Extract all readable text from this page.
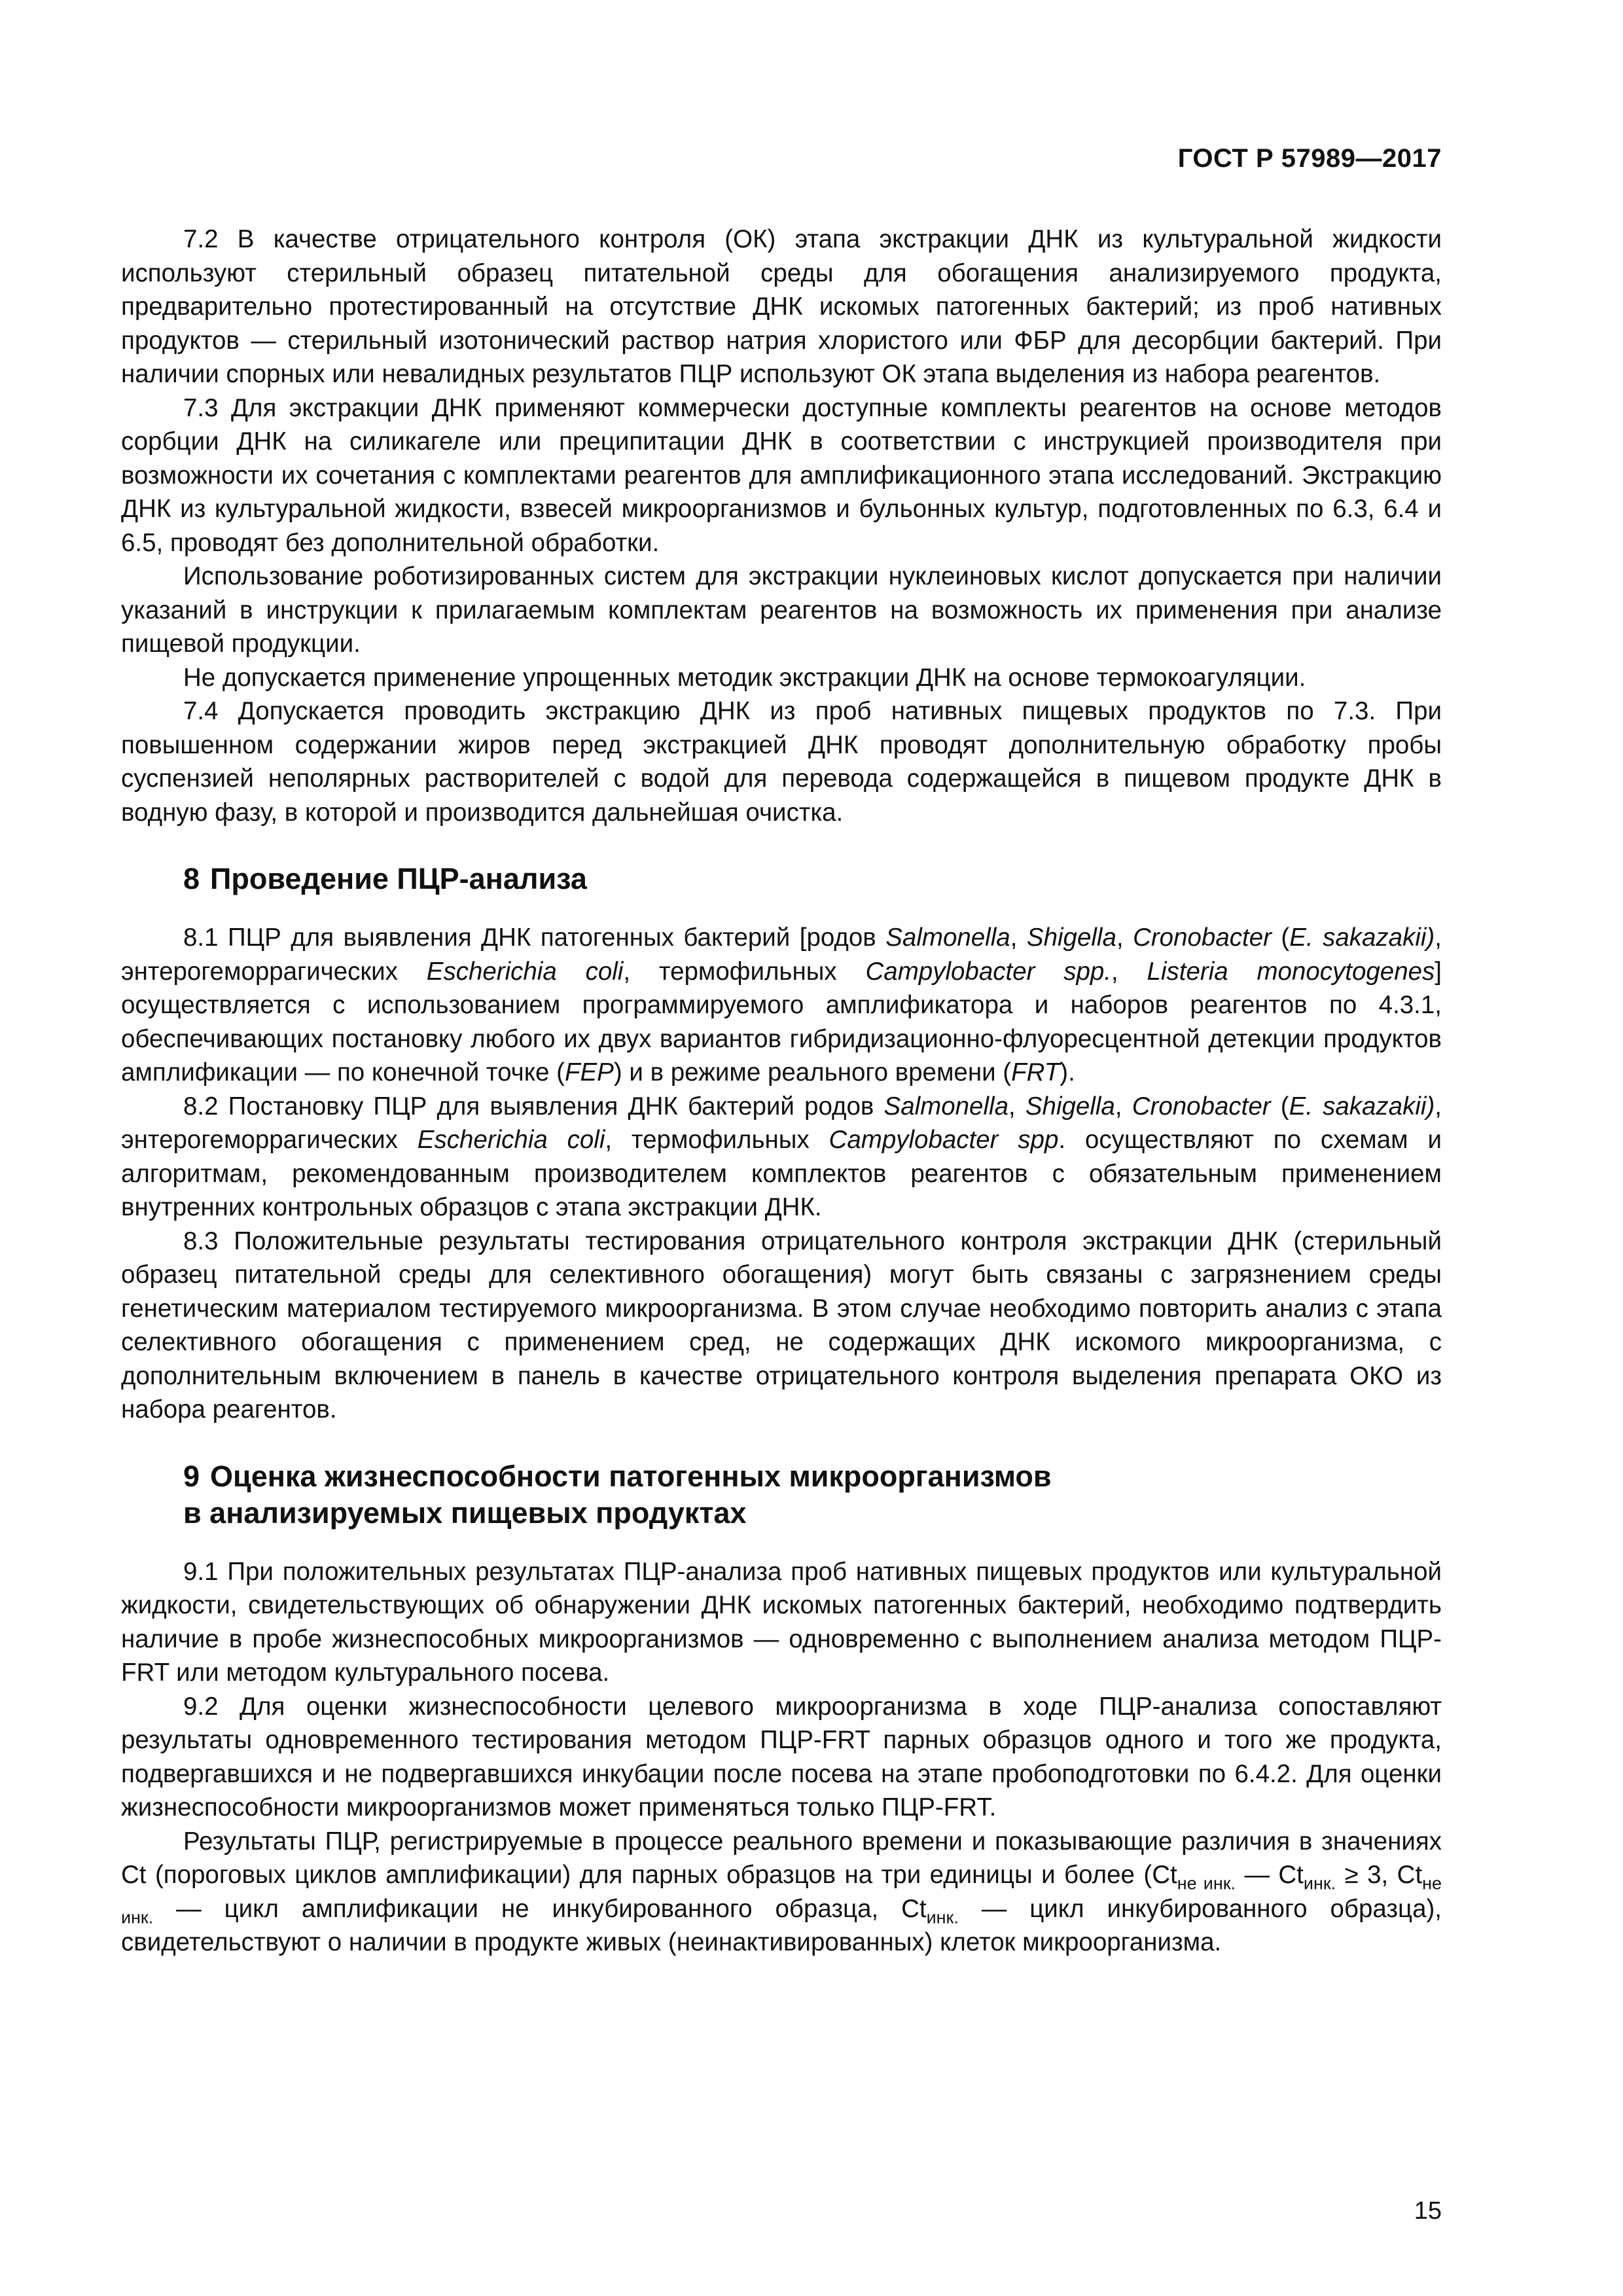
ГОСТ Р 57989—2017

7.2 В качестве отрицательного контроля (ОК) этапа экстракции ДНК из культуральной жидкости используют стерильный образец питательной среды для обогащения анализируемого продукта, предварительно протестированный на отсутствие ДНК искомых патогенных бактерий; из проб нативных продуктов — стерильный изотонический раствор натрия хлористого или ФБР для десорбции бактерий. При наличии спорных или невалидных результатов ПЦР используют ОК этапа выделения из набора реагентов.

7.3 Для экстракции ДНК применяют коммерчески доступные комплекты реагентов на основе методов сорбции ДНК на силикагеле или преципитации ДНК в соответствии с инструкцией производителя при возможности их сочетания с комплектами реагентов для амплификационного этапа исследований. Экстракцию ДНК из культуральной жидкости, взвесей микроорганизмов и бульонных культур, подготовленных по 6.3, 6.4 и 6.5, проводят без дополнительной обработки.

Использование роботизированных систем для экстракции нуклеиновых кислот допускается при наличии указаний в инструкции к прилагаемым комплектам реагентов на возможность их применения при анализе пищевой продукции.

Не допускается применение упрощенных методик экстракции ДНК на основе термокоагуляции.

7.4 Допускается проводить экстракцию ДНК из проб нативных пищевых продуктов по 7.3. При повышенном содержании жиров перед экстракцией ДНК проводят дополнительную обработку пробы суспензией неполярных растворителей с водой для перевода содержащейся в пищевом продукте ДНК в водную фазу, в которой и производится дальнейшая очистка.

8 Проведение ПЦР-анализа

8.1 ПЦР для выявления ДНК патогенных бактерий [родов Salmonella, Shigella, Cronobacter (E. sakazakii), энтерогеморрагических Escherichia coli, термофильных Campylobacter spp., Listeria monocytogenes] осуществляется с использованием программируемого амплификатора и наборов реагентов по 4.3.1, обеспечивающих постановку любого их двух вариантов гибридизационно-флуоресцентной детекции продуктов амплификации — по конечной точке (FEP) и в режиме реального времени (FRT).

8.2 Постановку ПЦР для выявления ДНК бактерий родов Salmonella, Shigella, Cronobacter (E. sakazakii), энтерогеморрагических Escherichia coli, термофильных Campylobacter spp. осуществляют по схемам и алгоритмам, рекомендованным производителем комплектов реагентов с обязательным применением внутренних контрольных образцов с этапа экстракции ДНК.

8.3 Положительные результаты тестирования отрицательного контроля экстракции ДНК (стерильный образец питательной среды для селективного обогащения) могут быть связаны с загрязнением среды генетическим материалом тестируемого микроорганизма. В этом случае необходимо повторить анализ с этапа селективного обогащения с применением сред, не содержащих ДНК искомого микроорганизма, с дополнительным включением в панель в качестве отрицательного контроля выделения препарата ОКО из набора реагентов.

9 Оценка жизнеспособности патогенных микроорганизмов
в анализируемых пищевых продуктах

9.1 При положительных результатах ПЦР-анализа проб нативных пищевых продуктов или культуральной жидкости, свидетельствующих об обнаружении ДНК искомых патогенных бактерий, необходимо подтвердить наличие в пробе жизнеспособных микроорганизмов — одновременно с выполнением анализа методом ПЦР-FRT или методом культурального посева.

9.2 Для оценки жизнеспособности целевого микроорганизма в ходе ПЦР-анализа сопоставляют результаты одновременного тестирования методом ПЦР-FRT парных образцов одного и того же продукта, подвергавшихся и не подвергавшихся инкубации после посева на этапе пробоподготовки по 6.4.2. Для оценки жизнеспособности микроорганизмов может применяться только ПЦР-FRT.

Результаты ПЦР, регистрируемые в процессе реального времени и показывающие различия в значениях Ct (пороговых циклов амплификации) для парных образцов на три единицы и более ($Ct_{не инк.}$ — $Ct_{инк.} \ge 3$, $Ct_{не инк.}$ — цикл амплификации не инкубированного образца, $Ct_{инк.}$ — цикл инкубированного образца), свидетельствуют о наличии в продукте живых (неинактивированных) клеток микроорганизма.

15
